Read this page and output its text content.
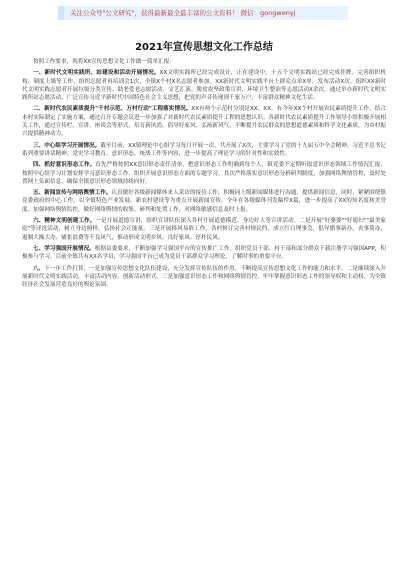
关注公众号"公文研究"，获得最新最全最丰富的公文资料！ 微信：gongwenyj
2021年宣传思想文化工作总结

按照工作要求，现将XX宣传思想文化工作做一简单汇报：

一、新时代文明实践所、站建设和活动开展情况。XX文明实践所已经完成设计，正在建设中。十五个文明实践站已经完成挂牌。完善组织机构、制度上墙等工作。组织志愿者再培训会1次，全镇X个村X名志愿者参加。XX新时代文明实践平台上群众点单X单，发布活动X次。组织XX新时代文明实践志愿者开展垃圾分类宣传、助老爱老志愿活动、文艺汇演、脱贫攻坚政策宣讲、环境卫生整治等志愿活动X余次。通过举办新时代文明实践所站志愿活动，广泛宣传习近平新时代中国特色社会主义思想，把党的声音传递到千家万户，丰富群众精神文化生活。

二、新时代农民素质提升"千村示范、万村行动"工程落实情况。XX有两个示范村分别是XX、XX。有今年XX个村开展农民素质提升工作，结合本村实际制定了实施方案，通过召开专题会议进一步加强了对新时代农民素质提升工程的思想认识。各新时代农民素质提升工作领导小组积极开展相关工作，通过宣传栏、宣讲、座谈会等形式，培育新风尚、倡导好家风、弘扬新风气，不断提升农民群众的思想道德素质和科学文化素质，为乡村振兴提供精神动力。

三、中心组学习开展情况。截至目前，XX镇理论中心组学习每月开展一次，共开展了X次，主要学习了党的十九届五中全会精神、习近平总书记系列重要讲话精神、党史学习教育、意识形态、统战工作等内容，进一步提高了理论学习的针对性和实效性。

四、抓好意识形态工作。首先严格按照XX意识形态责任清单，把意识形态工作明确到每个人，镇党委不定期听取意识形态领域工作情况汇报，按照中心组学习计划安排学习意识形态工作，组织开展意识形态方面的专题学习。其次严格落实意识形态分析研判制度，加强网络舆情管控，及时处置网上负面信息，确保全镇意识形态领域持续向好。

五、新闻宣传与网络舆情工作。认真做好各级新闻媒体来人采访的接待工作，积极同上级新闻媒体进行沟通，提供新闻信息，同时，紧紧围绕镇党委政府的中心工作，以全镇特色产业发展、新农村建设等为重点开展新闻宣传，全年在各级媒体刊发稿件X篇，进一步提高了XX的知名度和美誉度。加强网络舆情监控，做好网络舆情的收集、研判和处置工作，对网络敏感信息及时上报。

六、精神文明创建工作。一是开展道德宣讲，组织宣讲队伍深入各村开展道德模范、身边好人等宣讲活动。二是开展"好婆婆""好媳妇""最美家庭"等评选活动，树立身边榜样，弘扬社会正能量。三是开展移风易俗工作，各村修订完善村规民约，成立红白理事会，倡导婚事新办、丧事简办，遏制大操大办、铺张浪费等不良风气，推动形成文明乡风、良好家风、淳朴民风。

七、学习强国开展情况。根据县委要求，不断加强学习强国平台的宣传推广工作，组织党员干部、村干部和部分群众下载注册学习强国APP，积极参与学习，目前全镇共有XX名学员，学习强国平台已成为党员干部群众学习理论、了解时事的重要平台。

八、下一步工作打算，一是加强宣传思想文化队伍建设，充分发挥宣传队伍的作用，不断提高宣传思想文化工作的能力和水平。二是继续深入开展新时代文明实践活动，丰富活动内容，创新活动形式。三是加强意识形态工作和网络舆情管控，牢牢掌握意识形态工作的领导权和主动权，为全镇经济社会发展营造良好的舆论氛围。
